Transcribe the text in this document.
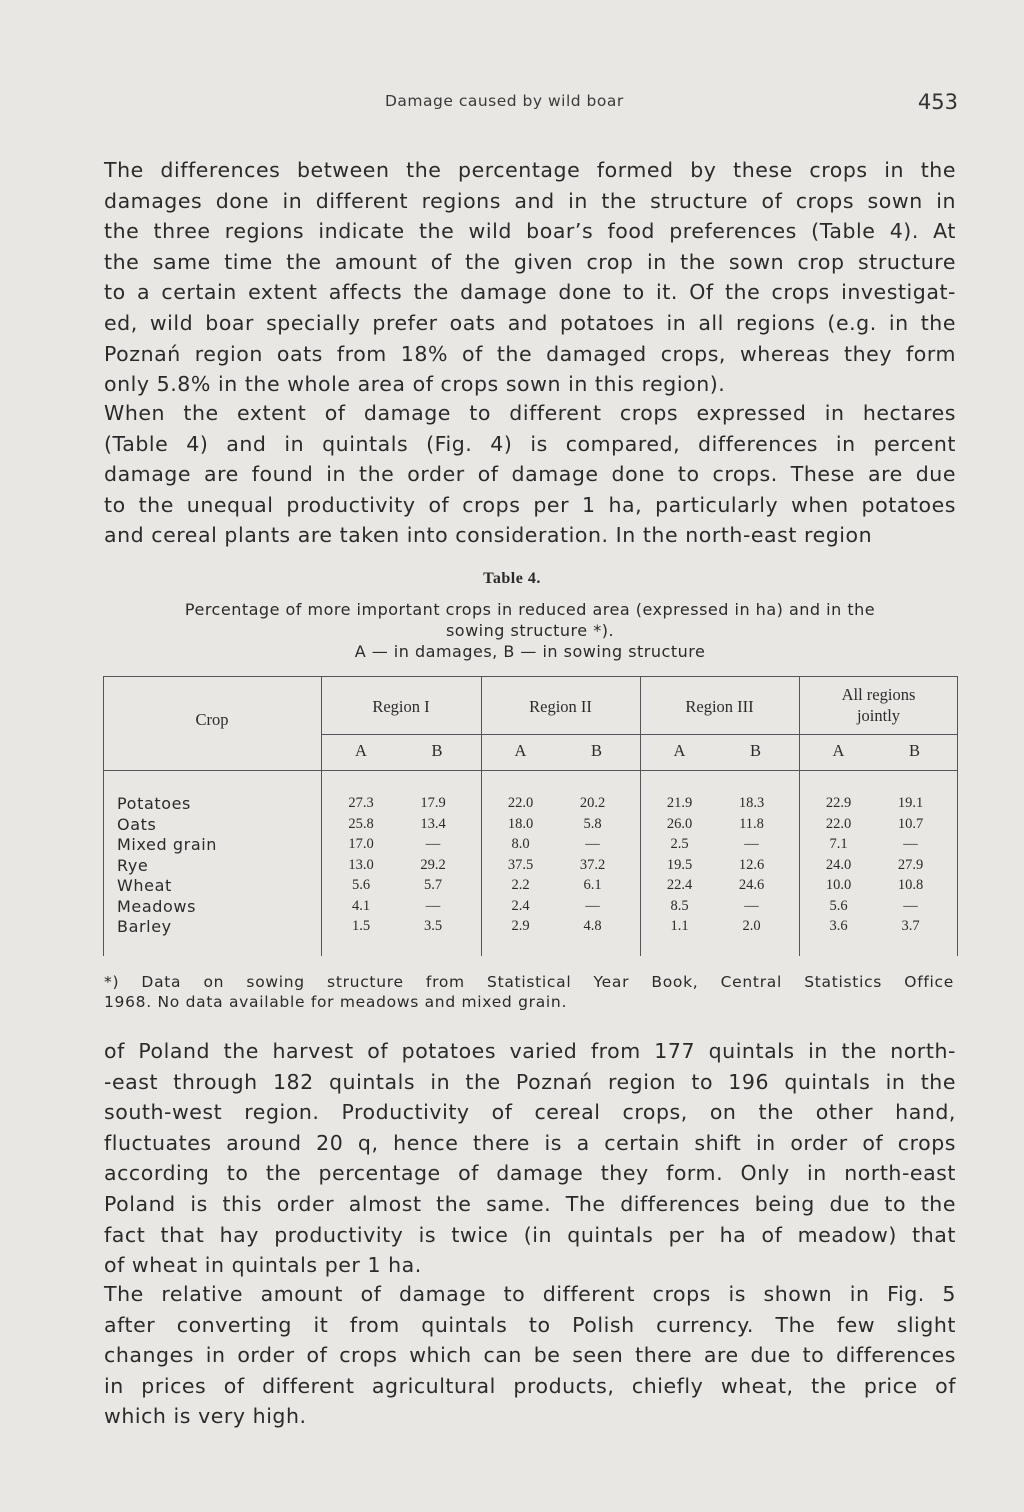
Damage caused by wild boar	453
The differences between the percentage formed by these crops in the
damages done in different regions and in the structure of crops sown in
the three regions indicate the wild boar’s food preferences (Table 4). At
the same time the amount of the given crop in the sown crop structure
to a certain extent affects the damage done to it. Of the crops investigat-
ed, wild boar specially prefer oats and potatoes in all regions (e.g. in the
Poznań region oats from 18% of the damaged crops, whereas they form
only 5.8% in the whole area of crops sown in this region).
When the extent of damage to different crops expressed in hectares
(Table 4) and in quintals (Fig. 4) is compared, differences in percent
damage are found in the order of damage done to crops. These are due
to the unequal productivity of crops per 1 ha, particularly when potatoes
and cereal plants are taken into consideration. In the north-east region
Table 4.
Percentage of more important crops in reduced area (expressed in ha) and in the
sowing structure *).
A — in damages, B — in sowing structure
Crop
Region I
A	B
Region II
A	B
Region III
A	B
All regions jointly
A	B
Potatoes	27.3	17.9	22.0	20.2	21.9	18.3	22.9	19.1
Oats	25.8	13.4	18.0	5.8	26.0	11.8	22.0	10.7
Mixed grain	17.0	—	8.0	—	2.5	—	7.1	—
Rye	13.0	29.2	37.5	37.2	19.5	12.6	24.0	27.9
Wheat	5.6	5.7	2.2	6.1	22.4	24.6	10.0	10.8
Meadows	4.1	—	2.4	—	8.5	—	5.6	—
Barley	1.5	3.5	2.9	4.8	1.1	2.0	3.6	3.7
*) Data on sowing structure from Statistical Year Book, Central Statistics Office
1968. No data available for meadows and mixed grain.
of Poland the harvest of potatoes varied from 177 quintals in the north-
-east through 182 quintals in the Poznań region to 196 quintals in the
south-west region. Productivity of cereal crops, on the other hand,
fluctuates around 20 q, hence there is a certain shift in order of crops
according to the percentage of damage they form. Only in north-east
Poland is this order almost the same. The differences being due to the
fact that hay productivity is twice (in quintals per ha of meadow) that
of wheat in quintals per 1 ha.
The relative amount of damage to different crops is shown in Fig. 5
after converting it from quintals to Polish currency. The few slight
changes in order of crops which can be seen there are due to differences
in prices of different agricultural products, chiefly wheat, the price of
which is very high.
